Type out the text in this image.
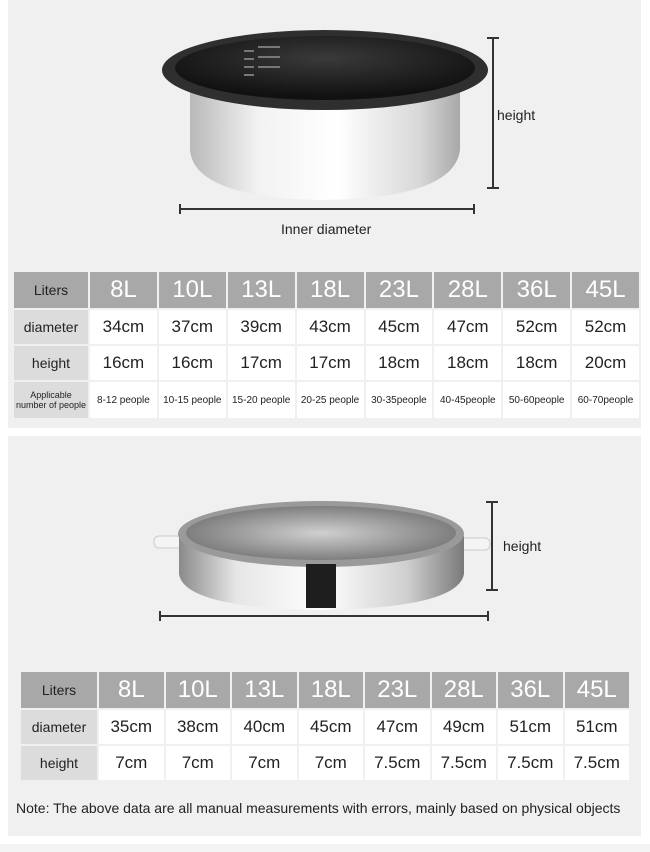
height
Inner diameter
Liters	8L	10L	13L	18L	23L	28L	36L	45L
diameter	34cm	37cm	39cm	43cm	45cm	47cm	52cm	52cm
height	16cm	16cm	17cm	17cm	18cm	18cm	18cm	20cm
Applicable number of people	8-12 people	10-15 people	15-20 people	20-25 people	30-35people	40-45people	50-60people	60-70people
height
Liters	8L	10L	13L	18L	23L	28L	36L	45L
diameter	35cm	38cm	40cm	45cm	47cm	49cm	51cm	51cm
height	7cm	7cm	7cm	7cm	7.5cm	7.5cm	7.5cm	7.5cm
Note: The above data are all manual measurements with errors, mainly based on physical objects
